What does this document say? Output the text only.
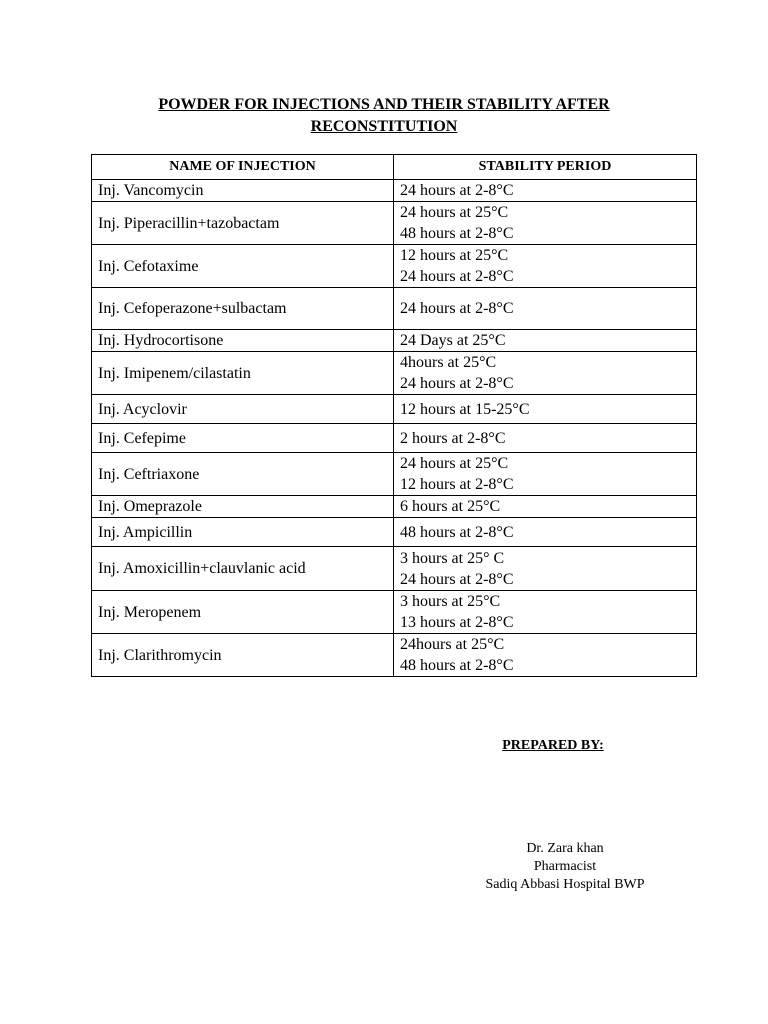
POWDER FOR INJECTIONS AND THEIR STABILITY AFTER
RECONSTITUTION
NAME OF INJECTION	STABILITY PERIOD
Inj. Vancomycin	24 hours at 2-8°C

Inj. Piperacillin+tazobactam	24 hours at 25°C
48 hours at 2-8°C

Inj. Cefotaxime	12 hours at 25°C
24 hours at 2-8°C

Inj. Cefoperazone+sulbactam	24 hours at 2-8°C

Inj. Hydrocortisone	24 Days at 25°C

Inj. Imipenem/cilastatin	4hours at 25°C
24 hours at 2-8°C

Inj. Acyclovir	12 hours at 15-25°C

Inj. Cefepime	2 hours at 2-8°C

Inj. Ceftriaxone	24 hours at 25°C
12 hours at 2-8°C

Inj. Omeprazole	6 hours at 25°C

Inj. Ampicillin	48 hours at 2-8°C

Inj. Amoxicillin+clauvlanic acid	3 hours at 25° C
24 hours at 2-8°C

Inj. Meropenem	3 hours at 25°C
13 hours at 2-8°C

Inj. Clarithromycin	24hours at 25°C
48 hours at 2-8°C
PREPARED BY:
Dr. Zara khan
Pharmacist
Sadiq Abbasi Hospital BWP
